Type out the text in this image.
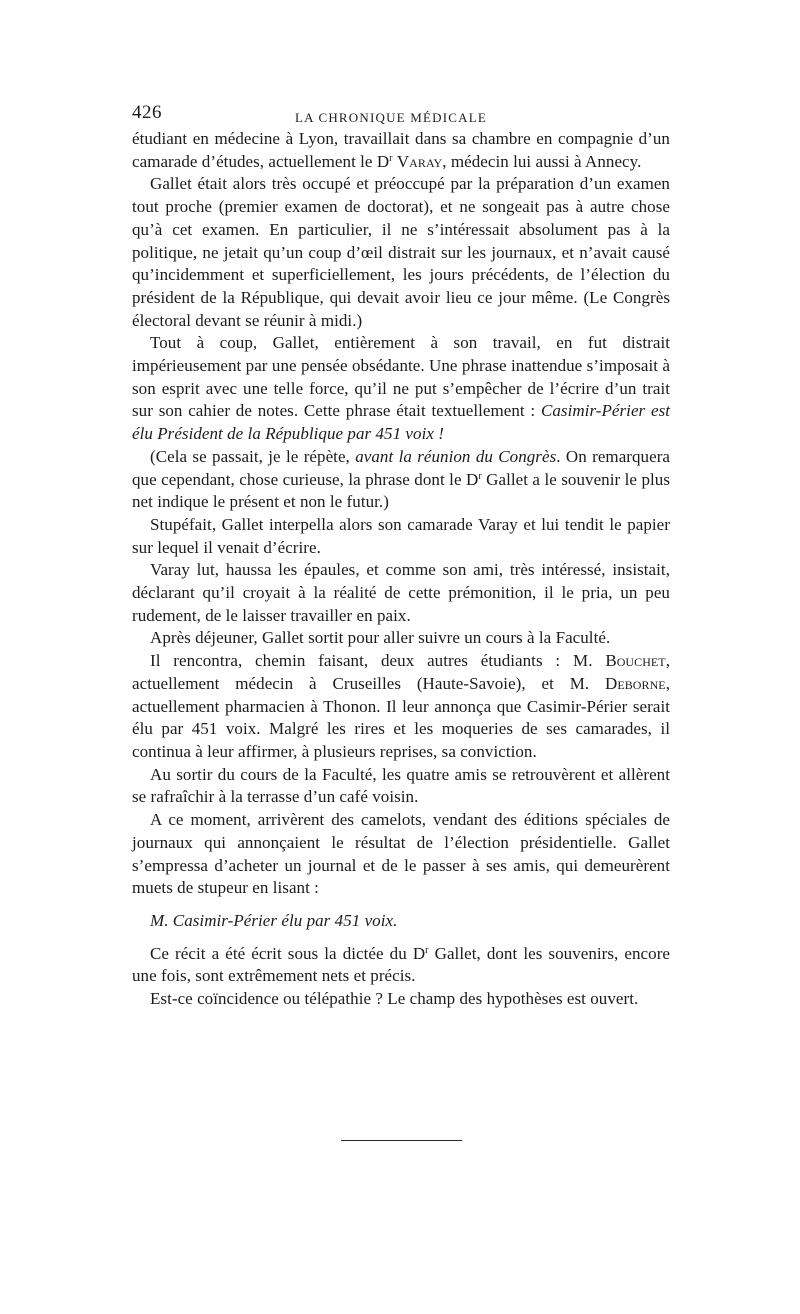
426	LA CHRONIQUE MÉDICALE

étudiant en médecine à Lyon, travaillait dans sa chambre en compagnie d’un camarade d’études, actuellement le $D^r$ Varay, médecin lui aussi à Annecy.

Gallet était alors très occupé et préoccupé par la préparation d’un examen tout proche (premier examen de doctorat), et ne songeait pas à autre chose qu’à cet examen. En particulier, il ne s’intéressait absolument pas à la politique, ne jetait qu’un coup d’œil distrait sur les journaux, et n’avait causé qu’incidemment et superficiellement, les jours précédents, de l’élection du président de la République, qui devait avoir lieu ce jour même. (Le Congrès électoral devant se réunir à midi.)

Tout à coup, Gallet, entièrement à son travail, en fut distrait impérieusement par une pensée obsédante. Une phrase inattendue s’imposait à son esprit avec une telle force, qu’il ne put s’empêcher de l’écrire d’un trait sur son cahier de notes. Cette phrase était textuellement : Casimir-Périer est élu Président de la République par 451 voix !

(Cela se passait, je le répète, avant la réunion du Congrès. On remarquera que cependant, chose curieuse, la phrase dont le $D^r$ Gallet a le souvenir le plus net indique le présent et non le futur.)

Stupéfait, Gallet interpella alors son camarade Varay et lui tendit le papier sur lequel il venait d’écrire.

Varay lut, haussa les épaules, et comme son ami, très intéressé, insistait, déclarant qu’il croyait à la réalité de cette prémonition, il le pria, un peu rudement, de le laisser travailler en paix.

Après déjeuner, Gallet sortit pour aller suivre un cours à la Faculté.

Il rencontra, chemin faisant, deux autres étudiants : M. Bouchet, actuellement médecin à Cruseilles (Haute-Savoie), et M. Deborne, actuellement pharmacien à Thonon. Il leur annonça que Casimir-Périer serait élu par 451 voix. Malgré les rires et les moqueries de ses camarades, il continua à leur affirmer, à plusieurs reprises, sa conviction.

Au sortir du cours de la Faculté, les quatre amis se retrouvèrent et allèrent se rafraîchir à la terrasse d’un café voisin.

A ce moment, arrivèrent des camelots, vendant des éditions spéciales de journaux qui annonçaient le résultat de l’élection présidentielle. Gallet s’empressa d’acheter un journal et de le passer à ses amis, qui demeurèrent muets de stupeur en lisant :

M. Casimir-Périer élu par 451 voix.

Ce récit a été écrit sous la dictée du $D^r$ Gallet, dont les souvenirs, encore une fois, sont extrêmement nets et précis.

Est-ce coïncidence ou télépathie ? Le champ des hypothèses est ouvert.
